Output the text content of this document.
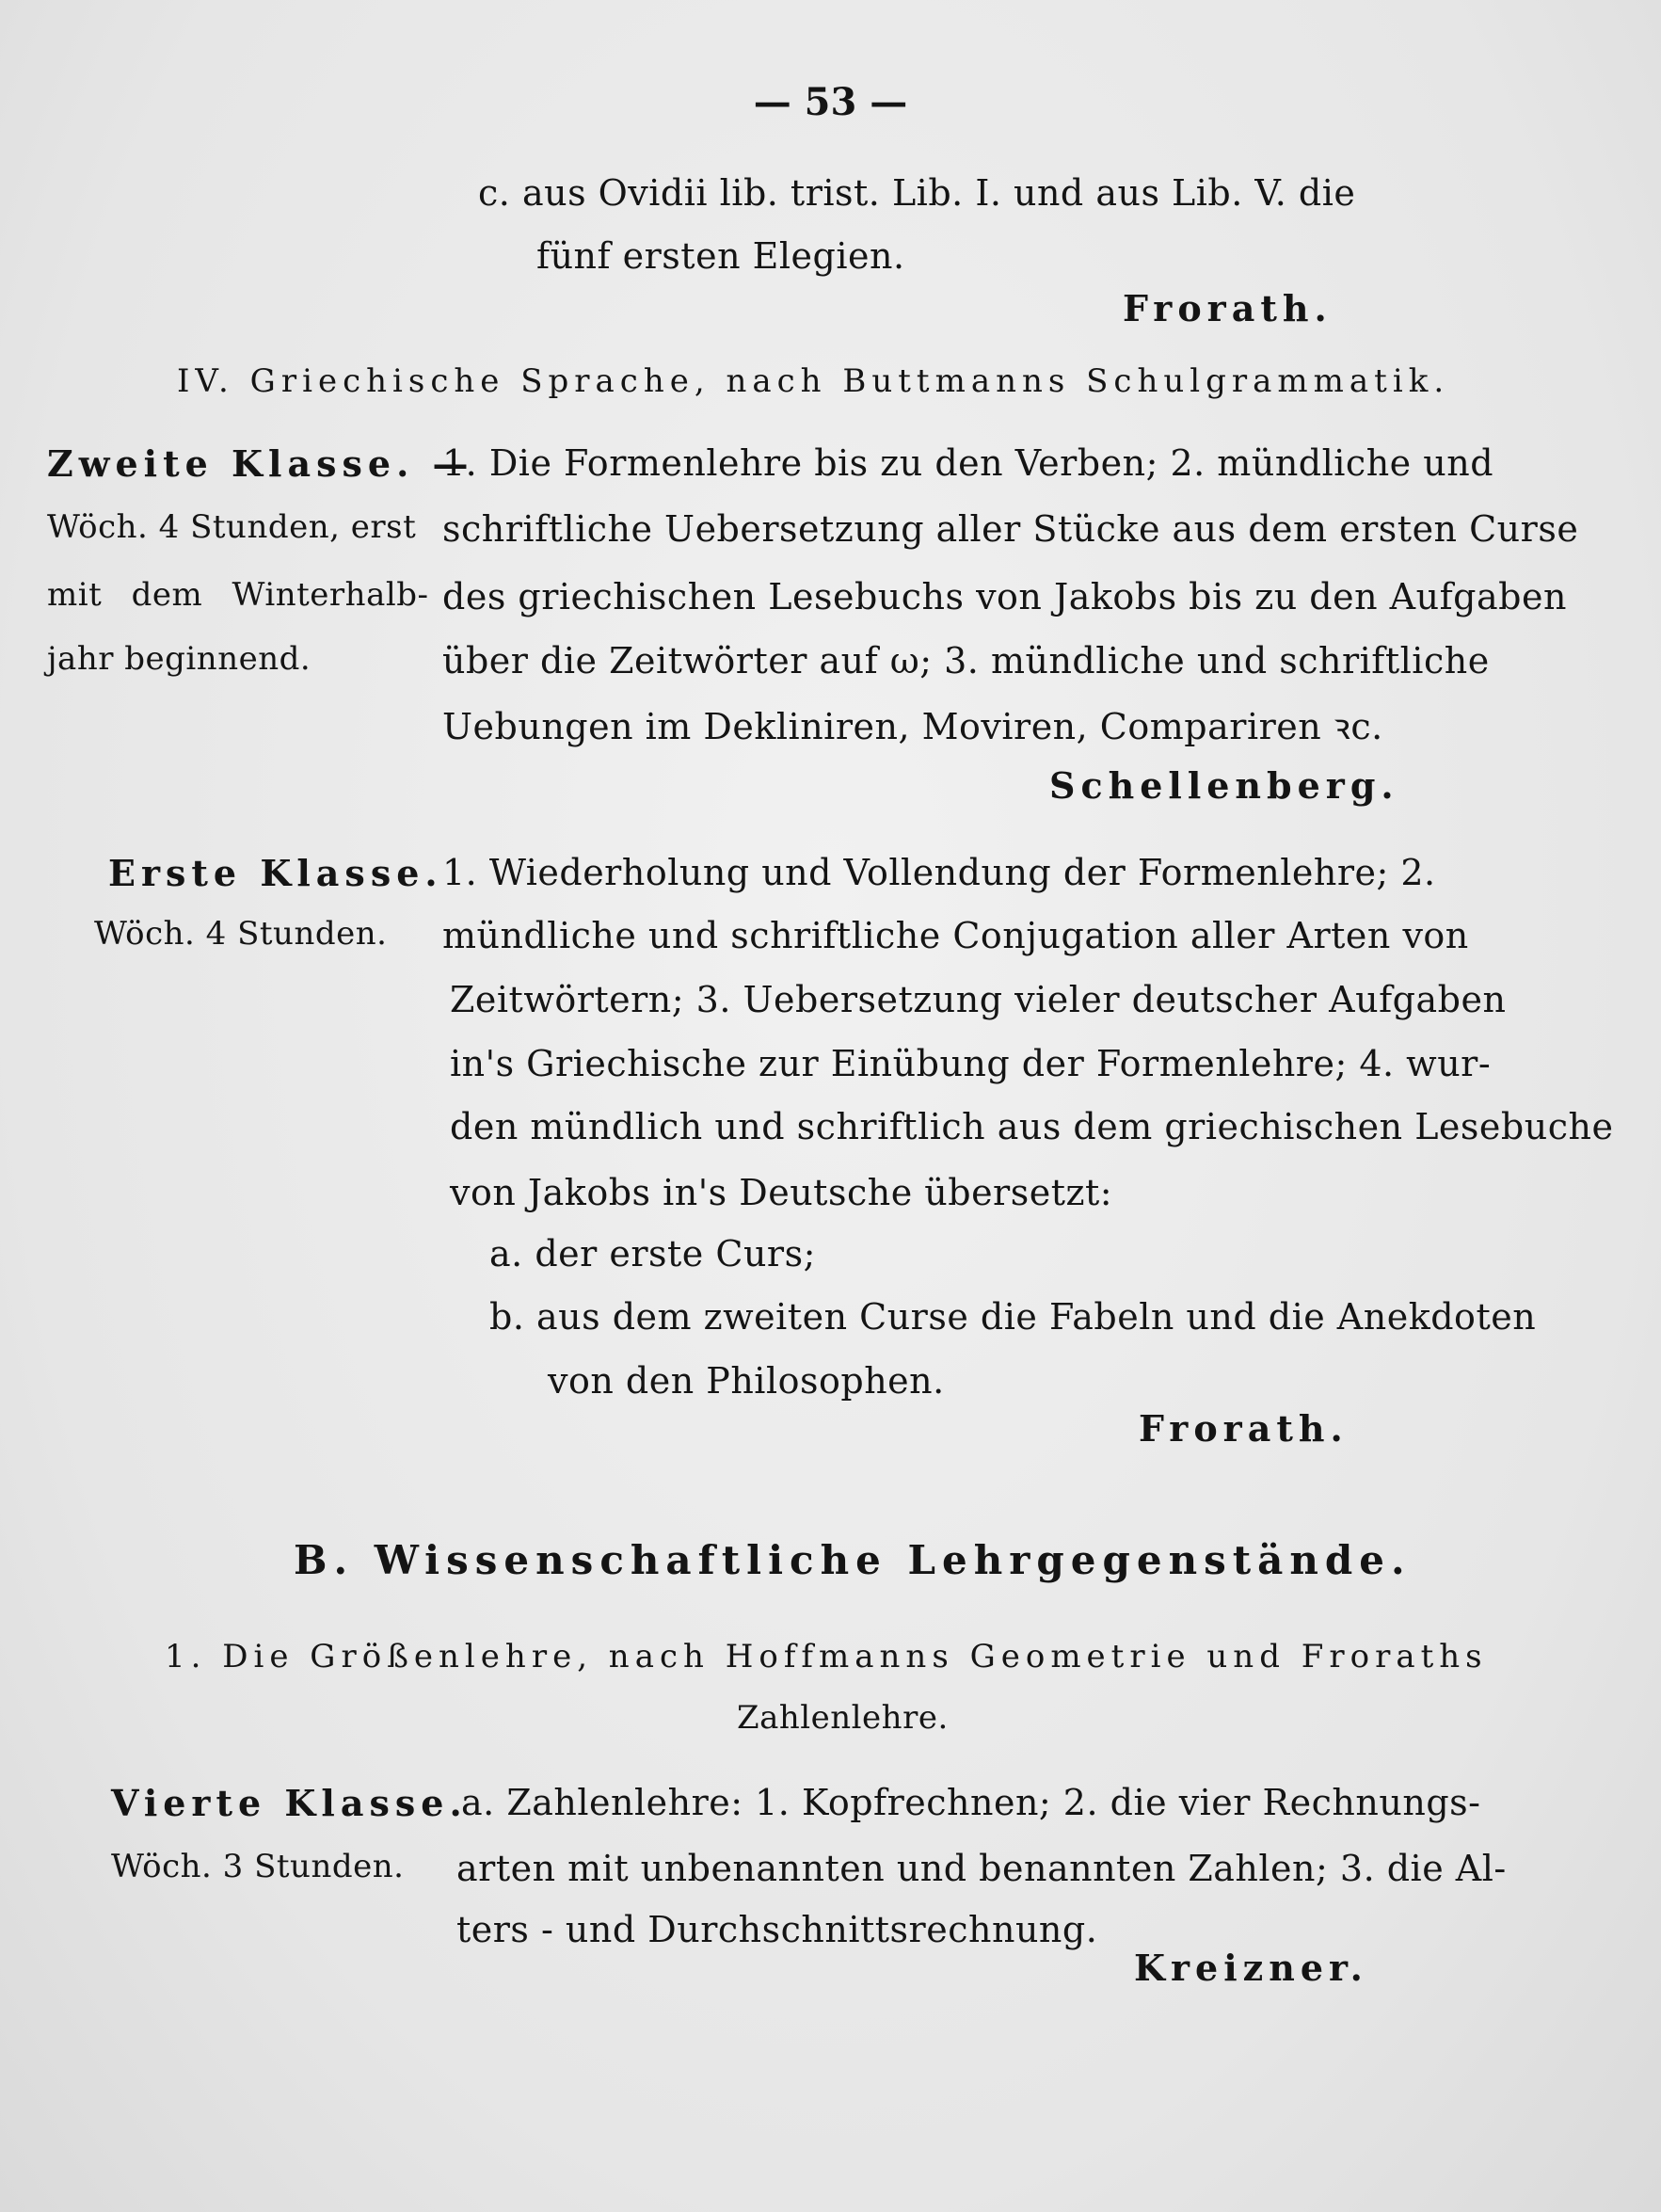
— 53 —
c. aus Ovidii lib. trist. Lib. I. und aus Lib. V. die
fünf ersten Elegien.
Frorath.
IV. Griechische Sprache, nach Buttmanns Schulgrammatik.
Zweite Klasse. —
Wöch. 4 Stunden, erst
mit dem Winterhalb-
jahr beginnend.
1. Die Formenlehre bis zu den Verben; 2. mündliche und
schriftliche Uebersetzung aller Stücke aus dem ersten Curse
des griechischen Lesebuchs von Jakobs bis zu den Aufgaben
über die Zeitwörter auf ω; 3. mündliche und schriftliche
Uebungen im Dekliniren, Moviren, Compariren ꝛc.
Schellenberg.
Erste Klasse.
Wöch. 4 Stunden.
1. Wiederholung und Vollendung der Formenlehre; 2.
mündliche und schriftliche Conjugation aller Arten von
Zeitwörtern; 3. Uebersetzung vieler deutscher Aufgaben
in's Griechische zur Einübung der Formenlehre; 4. wur-
den mündlich und schriftlich aus dem griechischen Lesebuche
von Jakobs in's Deutsche übersetzt:
a. der erste Curs;
b. aus dem zweiten Curse die Fabeln und die Anekdoten
von den Philosophen.
Frorath.
B. Wissenschaftliche Lehrgegenstände.
1. Die Größenlehre, nach Hoffmanns Geometrie und Froraths
Zahlenlehre.
Vierte Klasse.
Wöch. 3 Stunden.
a. Zahlenlehre: 1. Kopfrechnen; 2. die vier Rechnungs-
arten mit unbenannten und benannten Zahlen; 3. die Al-
ters - und Durchschnittsrechnung.
Kreizner.
